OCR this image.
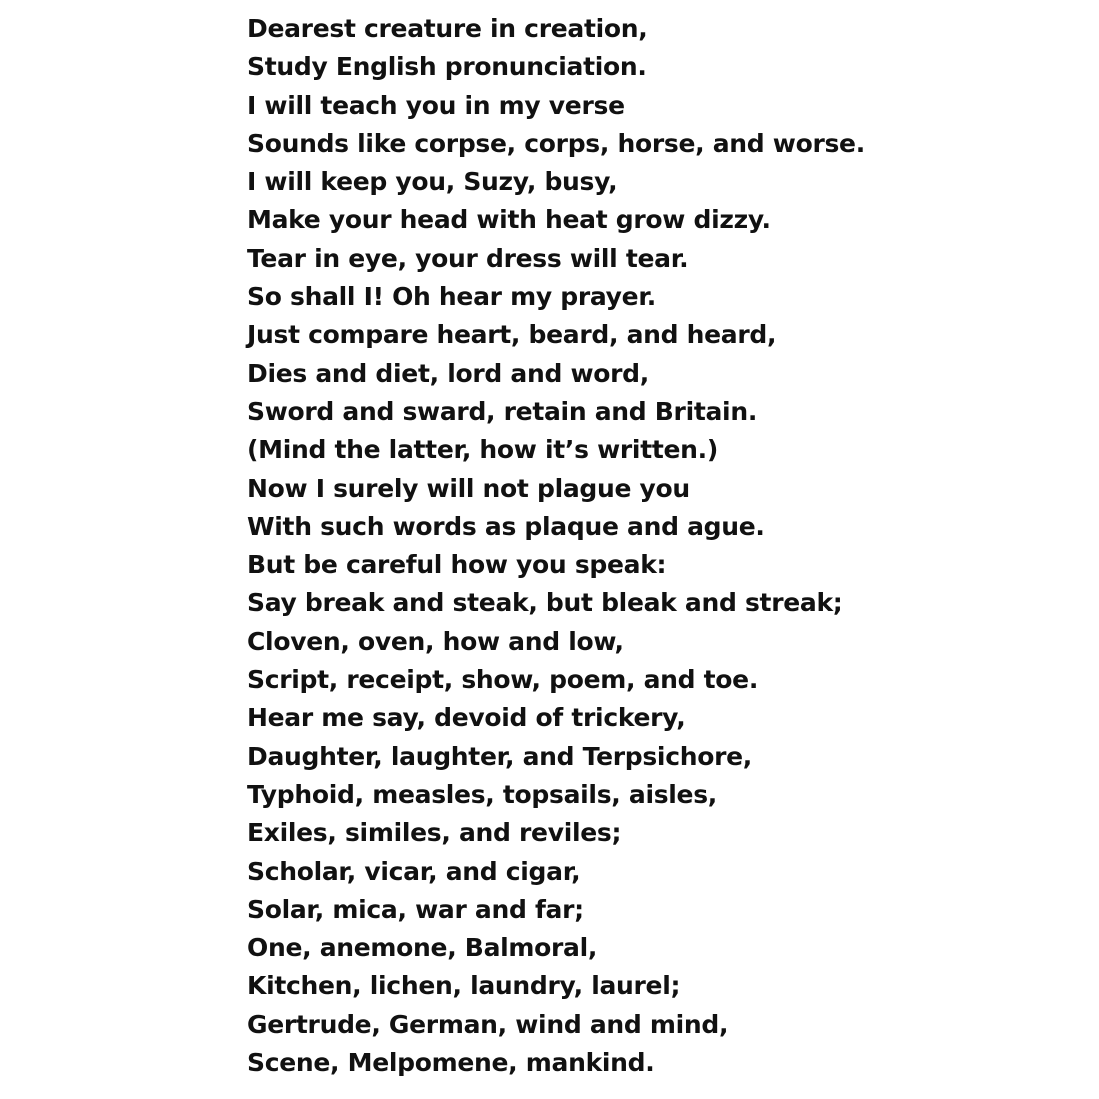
Dearest creature in creation,
Study English pronunciation.
I will teach you in my verse
Sounds like corpse, corps, horse, and worse.
I will keep you, Suzy, busy,
Make your head with heat grow dizzy.
Tear in eye, your dress will tear.
So shall I! Oh hear my prayer.
Just compare heart, beard, and heard,
Dies and diet, lord and word,
Sword and sward, retain and Britain.
(Mind the latter, how it’s written.)
Now I surely will not plague you
With such words as plaque and ague.
But be careful how you speak:
Say break and steak, but bleak and streak;
Cloven, oven, how and low,
Script, receipt, show, poem, and toe.
Hear me say, devoid of trickery,
Daughter, laughter, and Terpsichore,
Typhoid, measles, topsails, aisles,
Exiles, similes, and reviles;
Scholar, vicar, and cigar,
Solar, mica, war and far;
One, anemone, Balmoral,
Kitchen, lichen, laundry, laurel;
Gertrude, German, wind and mind,
Scene, Melpomene, mankind.
